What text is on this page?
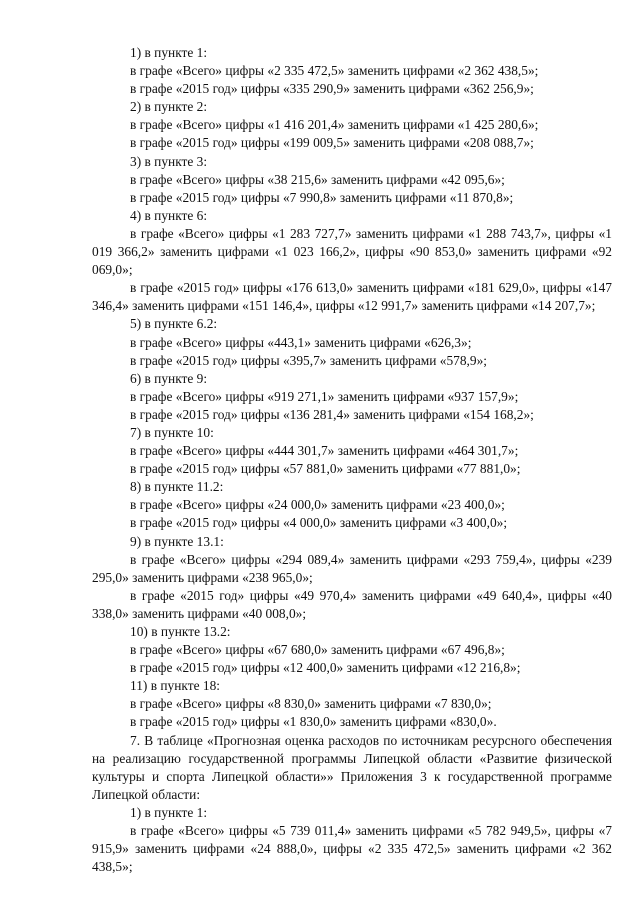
1) в пункте 1:

в графе «Всего» цифры «2 335 472,5» заменить цифрами «2 362 438,5»;

в графе «2015 год» цифры «335 290,9» заменить цифрами «362 256,9»;

2) в пункте 2:

в графе «Всего» цифры «1 416 201,4» заменить цифрами «1 425 280,6»;

в графе «2015 год» цифры «199 009,5» заменить цифрами «208 088,7»;

3) в пункте 3:

в графе «Всего» цифры «38 215,6» заменить цифрами «42 095,6»;

в графе «2015 год» цифры «7 990,8» заменить цифрами «11 870,8»;

4) в пункте 6:

в графе «Всего» цифры «1 283 727,7» заменить цифрами «1 288 743,7», цифры «1 019 366,2» заменить цифрами «1 023 166,2», цифры «90 853,0» заменить цифрами «92 069,0»;

в графе «2015 год» цифры «176 613,0» заменить цифрами «181 629,0», цифры «147 346,4» заменить цифрами «151 146,4», цифры «12 991,7» заменить цифрами «14 207,7»;

5) в пункте 6.2:

в графе «Всего» цифры «443,1» заменить цифрами «626,3»;

в графе «2015 год» цифры «395,7» заменить цифрами «578,9»;

6) в пункте 9:

в графе «Всего» цифры «919 271,1» заменить цифрами «937 157,9»;

в графе «2015 год» цифры «136 281,4» заменить цифрами «154 168,2»;

7) в пункте 10:

в графе «Всего» цифры «444 301,7» заменить цифрами «464 301,7»;

в графе «2015 год» цифры «57 881,0» заменить цифрами «77 881,0»;

8) в пункте 11.2:

в графе «Всего» цифры «24 000,0» заменить цифрами «23 400,0»;

в графе «2015 год» цифры «4 000,0» заменить цифрами «3 400,0»;

9) в пункте 13.1:

в графе «Всего» цифры «294 089,4» заменить цифрами «293 759,4», цифры «239 295,0» заменить цифрами «238 965,0»;

в графе «2015 год» цифры «49 970,4» заменить цифрами «49 640,4», цифры «40 338,0» заменить цифрами «40 008,0»;

10) в пункте 13.2:

в графе «Всего» цифры «67 680,0» заменить цифрами «67 496,8»;

в графе «2015 год» цифры «12 400,0» заменить цифрами «12 216,8»;

11) в пункте 18:

в графе «Всего» цифры «8 830,0» заменить цифрами «7 830,0»;

в графе «2015 год» цифры «1 830,0» заменить цифрами «830,0».

7. В таблице «Прогнозная оценка расходов по источникам ресурсного обеспечения на реализацию государственной программы Липецкой области «Развитие физической культуры и спорта Липецкой области»» Приложения 3 к государственной программе Липецкой области:

1) в пункте 1:

в графе «Всего» цифры «5 739 011,4» заменить цифрами «5 782 949,5», цифры «7 915,9» заменить цифрами «24 888,0», цифры «2 335 472,5» заменить цифрами «2 362 438,5»;
